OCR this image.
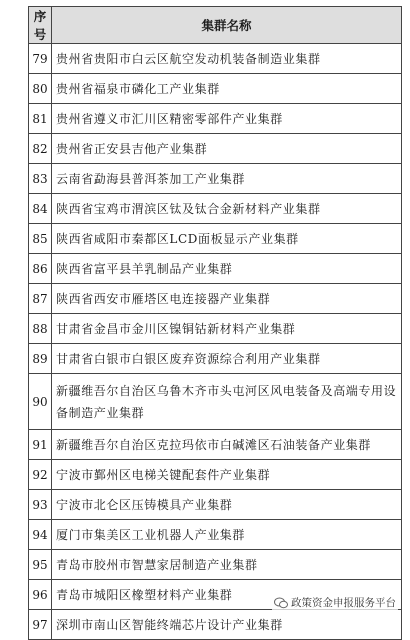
序号	集群名称
79	贵州省贵阳市白云区航空发动机装备制造业集群
80	贵州省福泉市磷化工产业集群
81	贵州省遵义市汇川区精密零部件产业集群
82	贵州省正安县吉他产业集群
83	云南省勐海县普洱茶加工产业集群
84	陕西省宝鸡市渭滨区钛及钛合金新材料产业集群
85	陕西省咸阳市秦都区LCD面板显示产业集群
86	陕西省富平县羊乳制品产业集群
87	陕西省西安市雁塔区电连接器产业集群
88	甘肃省金昌市金川区镍铜钴新材料产业集群
89	甘肃省白银市白银区废弃资源综合利用产业集群
90	新疆维吾尔自治区乌鲁木齐市头屯河区风电装备及高端专用设备制造产业集群
91	新疆维吾尔自治区克拉玛依市白碱滩区石油装备产业集群
92	宁波市鄞州区电梯关键配套件产业集群
93	宁波市北仑区压铸模具产业集群
94	厦门市集美区工业机器人产业集群
95	青岛市胶州市智慧家居制造产业集群
96	青岛市城阳区橡塑材料产业集群
97	深圳市南山区智能终端芯片设计产业集群
政策资金申报服务平台
